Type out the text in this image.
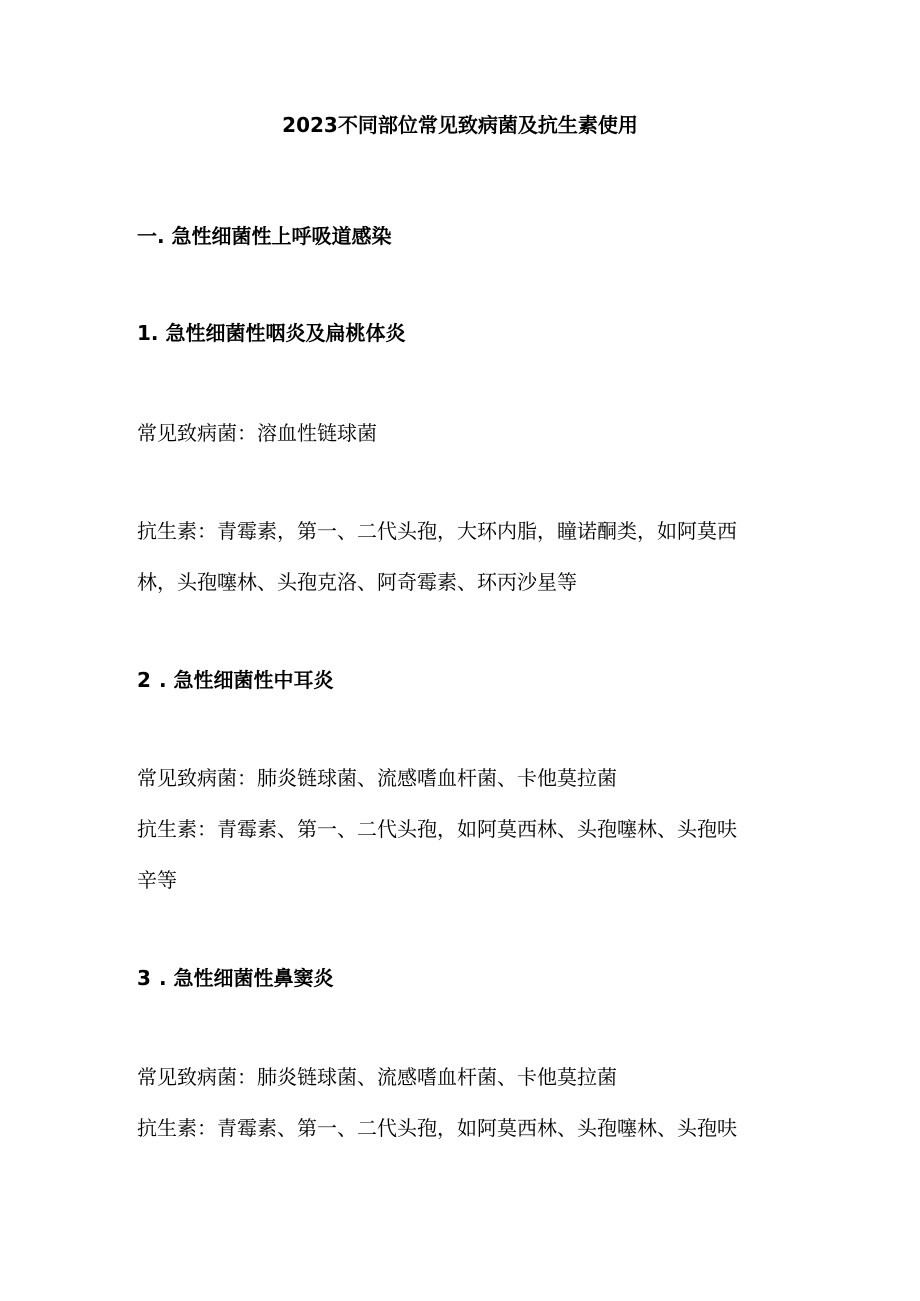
2023不同部位常见致病菌及抗生素使用

一. 急性细菌性上呼吸道感染

1. 急性细菌性咽炎及扁桃体炎

常见致病菌：溶血性链球菌

抗生素：青霉素，第一、二代头孢，大环内脂，瞳诺酮类，如阿莫西

林，头孢噻林、头孢克洛、阿奇霉素、环丙沙星等

2 . 急性细菌性中耳炎

常见致病菌：肺炎链球菌、流感嗜血杆菌、卡他莫拉菌

抗生素：青霉素、第一、二代头孢，如阿莫西林、头孢噻林、头孢呋

辛等

3 . 急性细菌性鼻窦炎

常见致病菌：肺炎链球菌、流感嗜血杆菌、卡他莫拉菌

抗生素：青霉素、第一、二代头孢，如阿莫西林、头孢噻林、头孢呋
